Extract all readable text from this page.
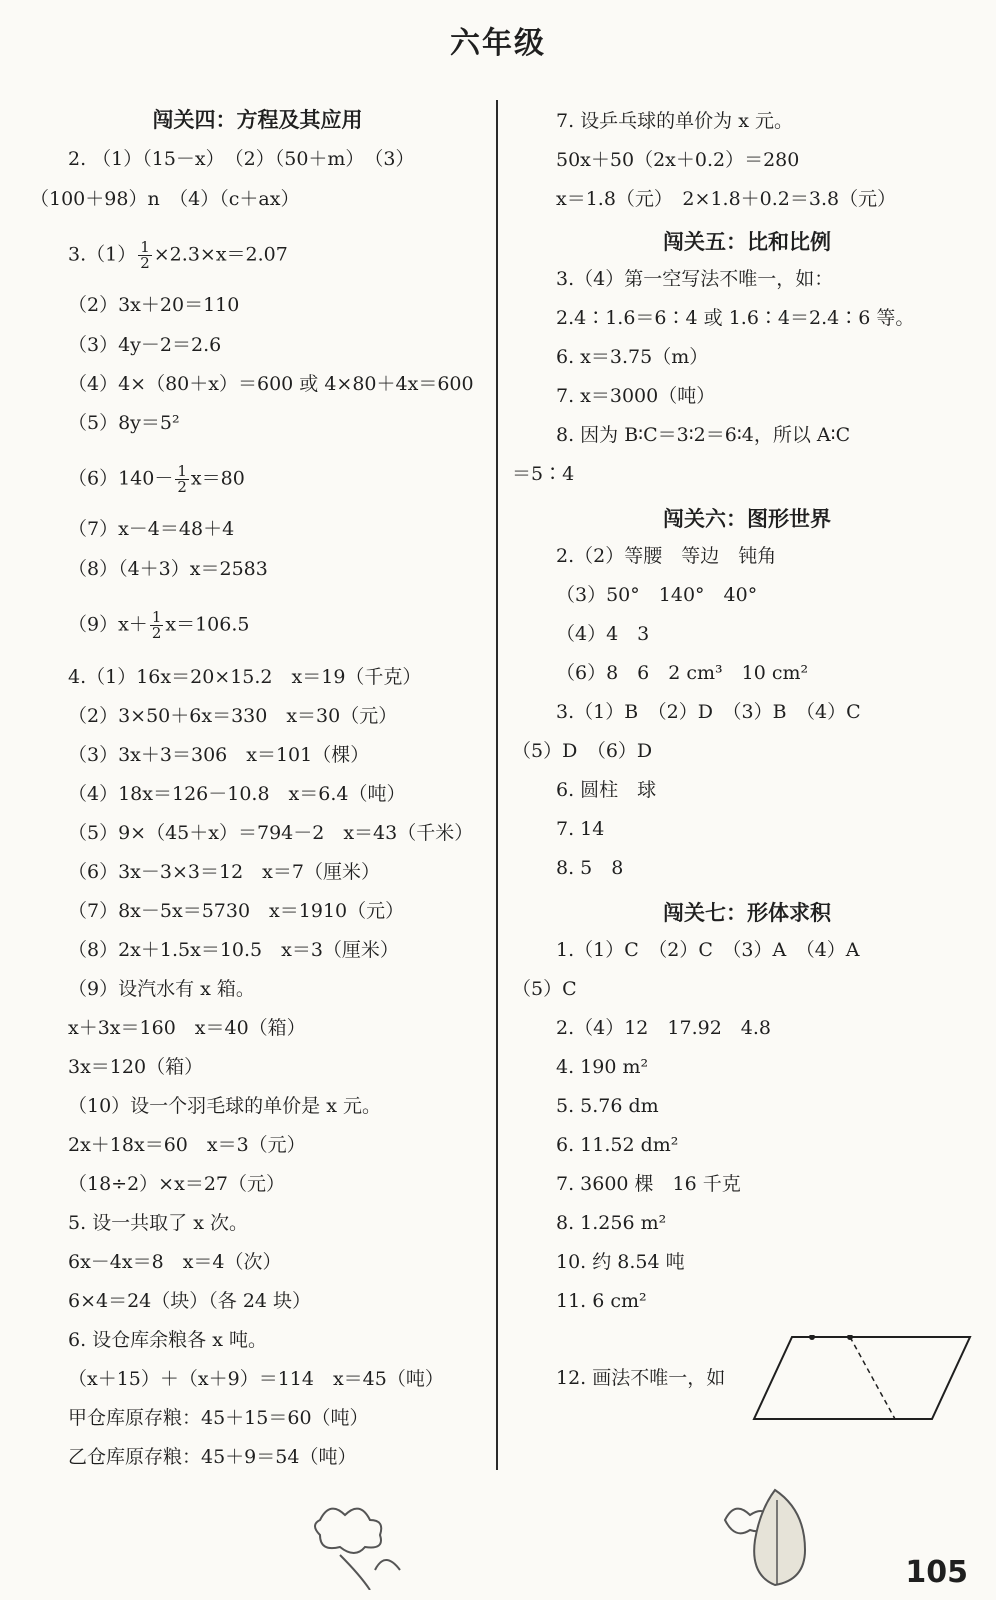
六年级
闯关四：方程及其应用
2. （1）（15－x）　（2）（50＋m）　（3）
（100＋98）n　（4）（c＋ax）
$3.(1) \frac{1}{2} \times 2.3\times x=2.07$
（2）3x＋20＝110
（3）4y－2＝2.6
（4）4×（80＋x）＝600 或 4×80＋4x＝600
（5）8y＝5²
$(6)140- \frac{1}{2} x=80$
（7）x－4＝48＋4
（8）（4＋3）x＝2583
$(9)x+ \frac{1}{2} x=106.5$
4.（1）16x＝20×15.2　x＝19（千克）
（2）3×50＋6x＝330　x＝30（元）
（3）3x＋3＝306　x＝101（棵）
（4）18x＝126－10.8　x＝6.4（吨）
（5）9×（45＋x）＝794－2　x＝43（千米）
（6）3x－3×3＝12　x＝7（厘米）
（7）8x－5x＝5730　x＝1910（元）
（8）2x＋1.5x＝10.5　x＝3（厘米）
（9）设汽水有 x 箱。
x＋3x＝160　x＝40（箱）
3x＝120（箱）
（10）设一个羽毛球的单价是 x 元。
2x＋18x＝60　x＝3（元）
（18÷2）×x＝27（元）
5. 设一共取了 x 次。
6x－4x＝8　x＝4（次）
6×4＝24（块）（各 24 块）
6. 设仓库余粮各 x 吨。
（x＋15）＋（x＋9）＝114　x＝45（吨）
甲仓库原存粮：45＋15＝60（吨）
乙仓库原存粮：45＋9＝54（吨）
7. 设乒乓球的单价为 x 元。
50x＋50（2x＋0.2）＝280
x＝1.8（元）　2×1.8＋0.2＝3.8（元）
闯关五：比和比例
3.（4）第一空写法不唯一，如：
2.4∶1.6＝6∶4 或 1.6∶4＝2.4∶6 等。
6. x＝3.75（m）
7. x＝3000（吨）
8. 因为 B∶C＝3∶2＝6∶4，所以 A∶C
＝5∶4
闯关六：图形世界
2.（2）等腰　等边　钝角
（3）50°　140°　40°
（4）4　3
（6）8　6　2 cm³　10 cm²
3.（1）B　（2）D　（3）B　（4）C
（5）D　（6）D
6. 圆柱　球
7. 14
8. 5　8
闯关七：形体求积
1.（1）C　（2）C　（3）A　（4）A
（5）C
2.（4）12　17.92　4.8
4. 190 m²
5. 5.76 dm
6. 11.52 dm²
7. 3600 棵　16 千克
8. 1.256 m²
10. 约 8.54 吨
11. 6 cm²
12. 画法不唯一，如
105
